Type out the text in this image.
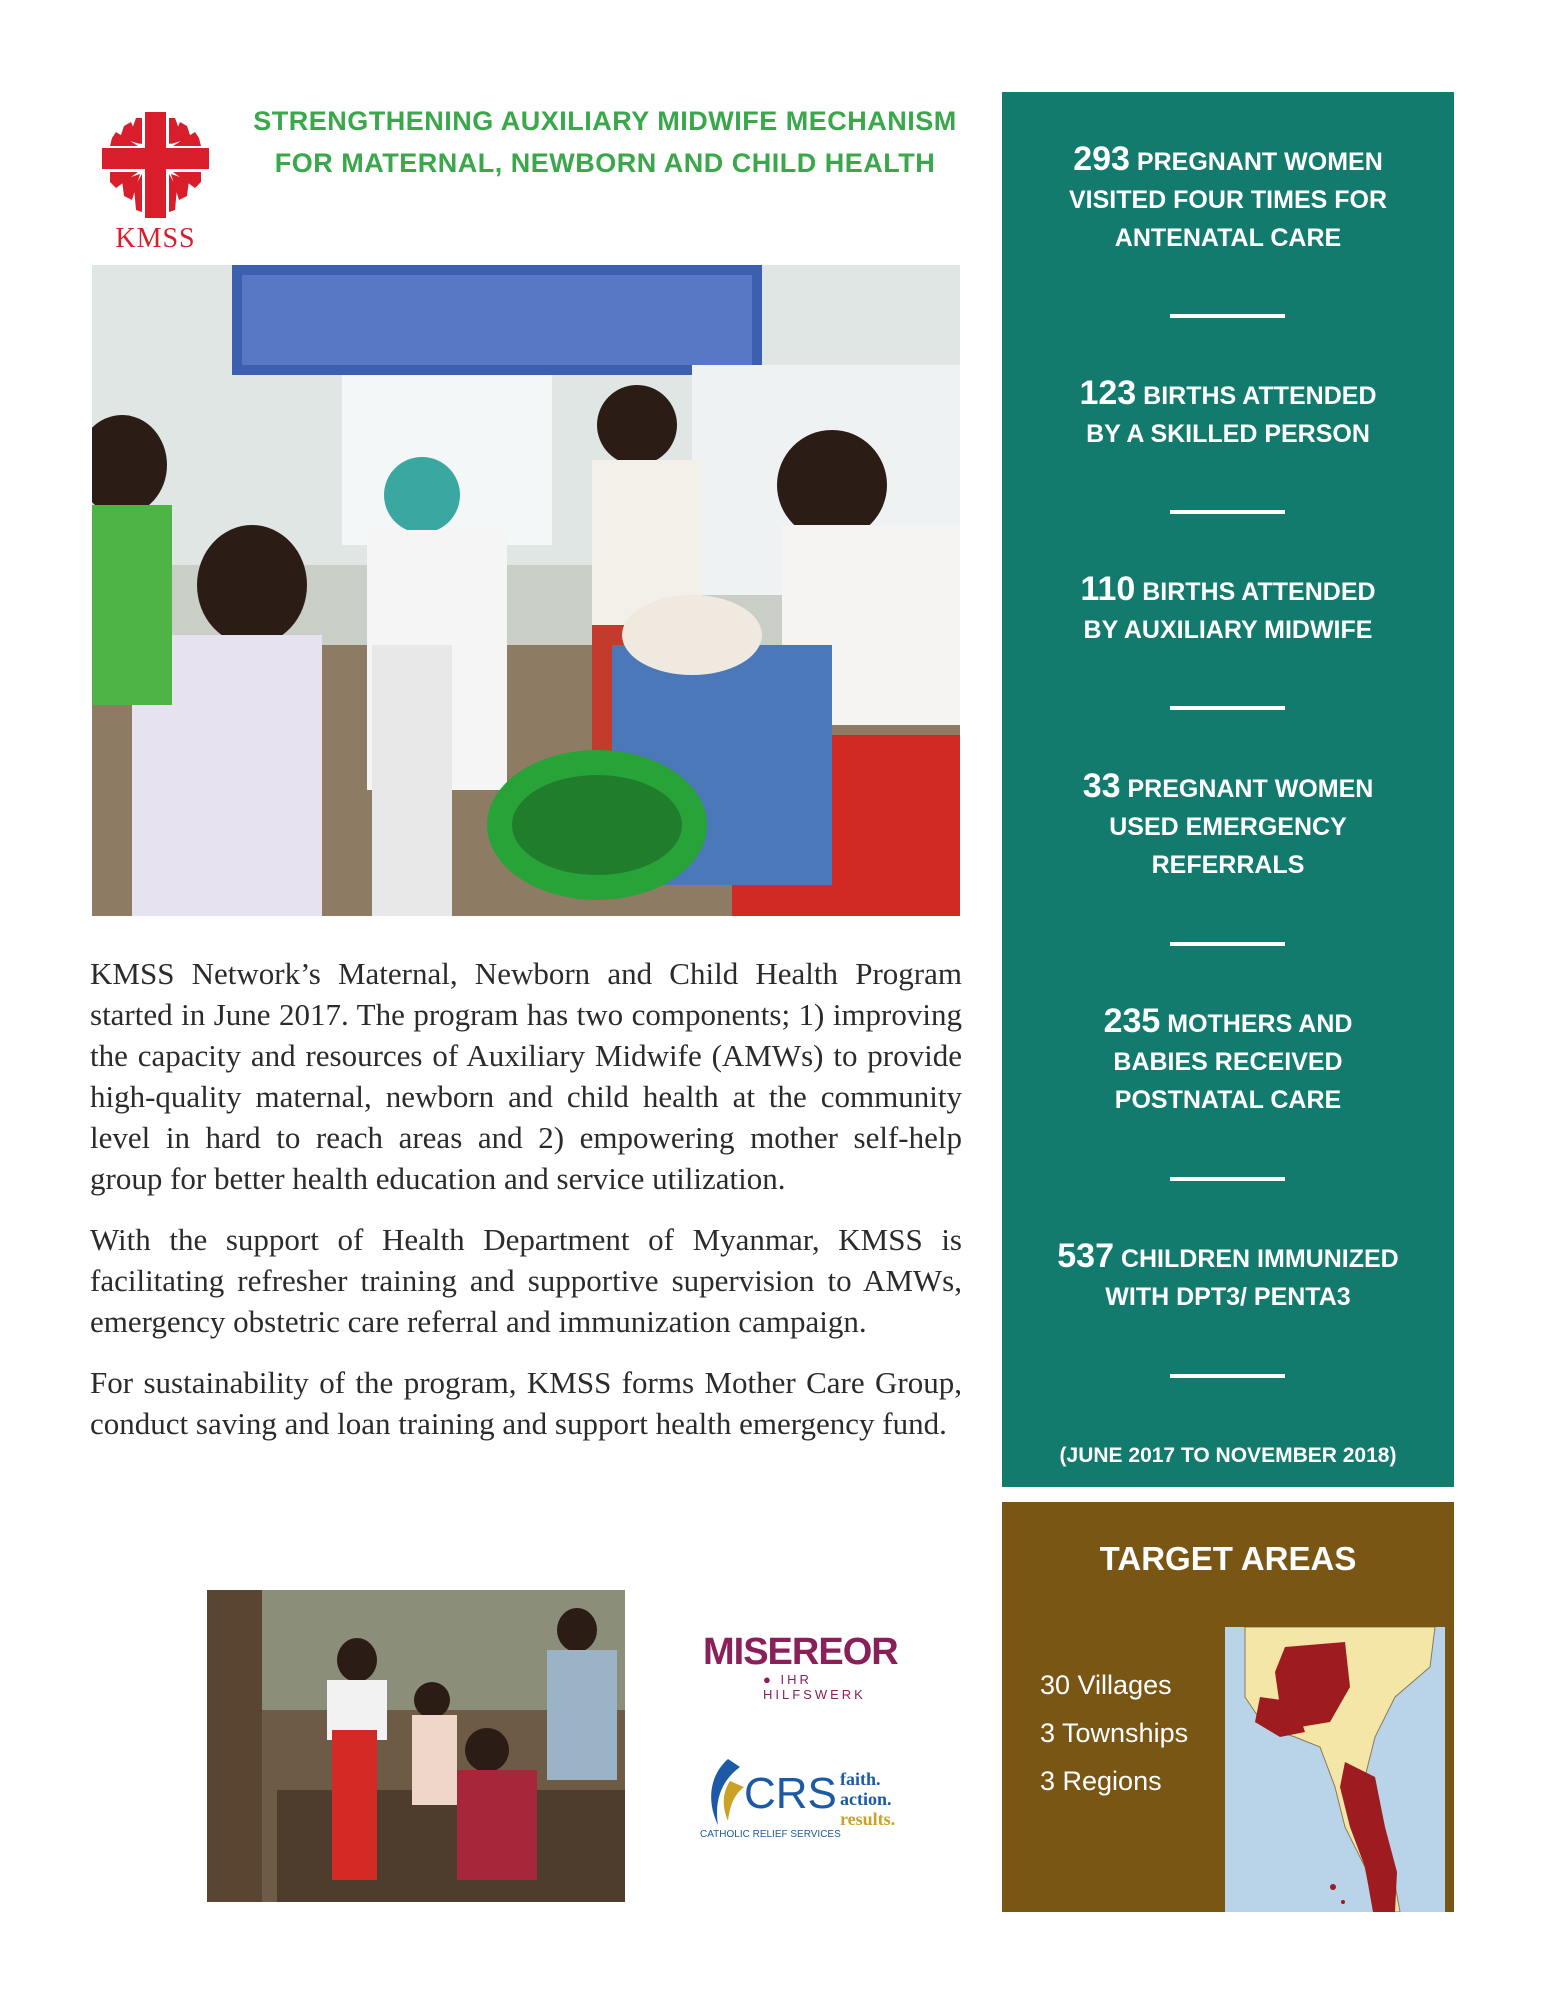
KMSS
STRENGTHENING AUXILIARY MIDWIFE MECHANISM
FOR MATERNAL, NEWBORN AND CHILD HEALTH

KMSS Network’s Maternal, Newborn and Child Health Program started in June 2017. The program has two components; 1) improving the capacity and resources of Auxiliary Midwife (AMWs) to provide high-quality maternal, newborn and child health at the community level in hard to reach areas and 2) empowering mother self-help group for better health education and service utilization.

With the support of Health Department of Myanmar, KMSS is facilitating refresher training and supportive supervision to AMWs, emergency obstetric care referral and immunization campaign.

For sustainability of the program, KMSS forms Mother Care Group, conduct saving and loan training and support health emergency fund.

MISEREOR
● IHR HILFSWERK
CRS
CATHOLIC RELIEF SERVICES
faith.
action.
results.
293 PREGNANT WOMEN
VISITED FOUR TIMES FOR
ANTENATAL CARE
123 BIRTHS ATTENDED
BY A SKILLED PERSON
110 BIRTHS ATTENDED
BY AUXILIARY MIDWIFE
33 PREGNANT WOMEN
USED EMERGENCY
REFERRALS
235 MOTHERS AND
BABIES RECEIVED
POSTNATAL CARE
537 CHILDREN IMMUNIZED
WITH DPT3/ PENTA3
(JUNE 2017 TO NOVEMBER 2018)
TARGET AREAS
30 Villages
3 Townships
3 Regions
